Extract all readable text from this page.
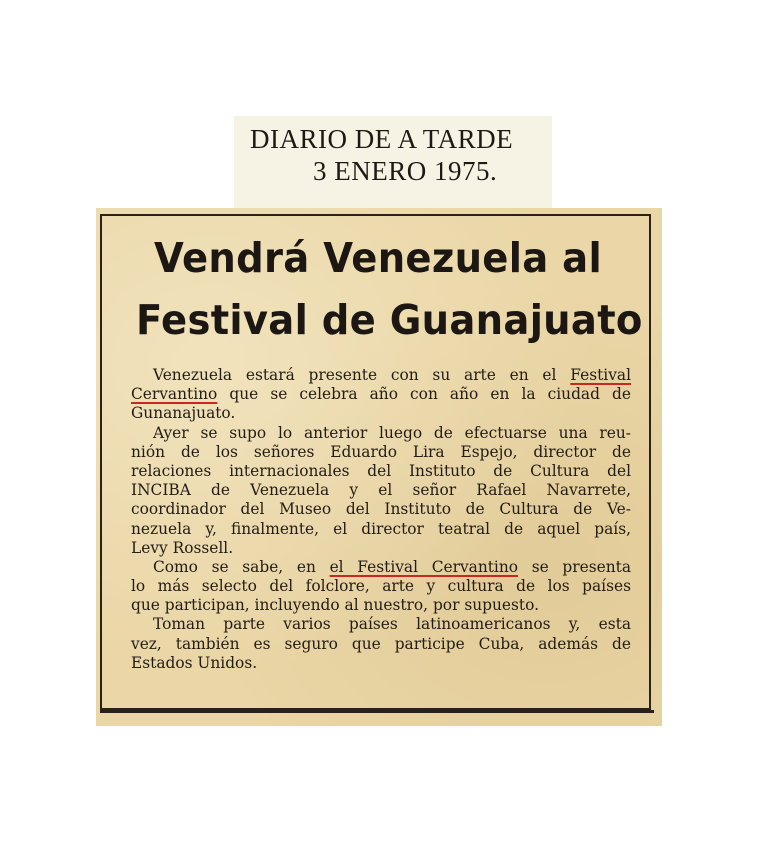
DIARIO DE A TARDE
3 ENERO 1975.
Vendrá Venezuela al
Festival de Guanajuato
Venezuela estará presente con su arte en el Festival
Cervantino que se celebra año con año en la ciudad de
Gunanajuato.
Ayer se supo lo anterior luego de efectuarse una reu-
nión de los señores Eduardo Lira Espejo, director de
relaciones internacionales del Instituto de Cultura del
INCIBA de Venezuela y el señor Rafael Navarrete,
coordinador del Museo del Instituto de Cultura de Ve-
nezuela y, finalmente, el director teatral de aquel país,
Levy Rossell.
Como se sabe, en el Festival Cervantino se presenta
lo más selecto del folclore, arte y cultura de los países
que participan, incluyendo al nuestro, por supuesto.
Toman parte varios países latinoamericanos y, esta
vez, también es seguro que participe Cuba, además de
Estados Unidos.
